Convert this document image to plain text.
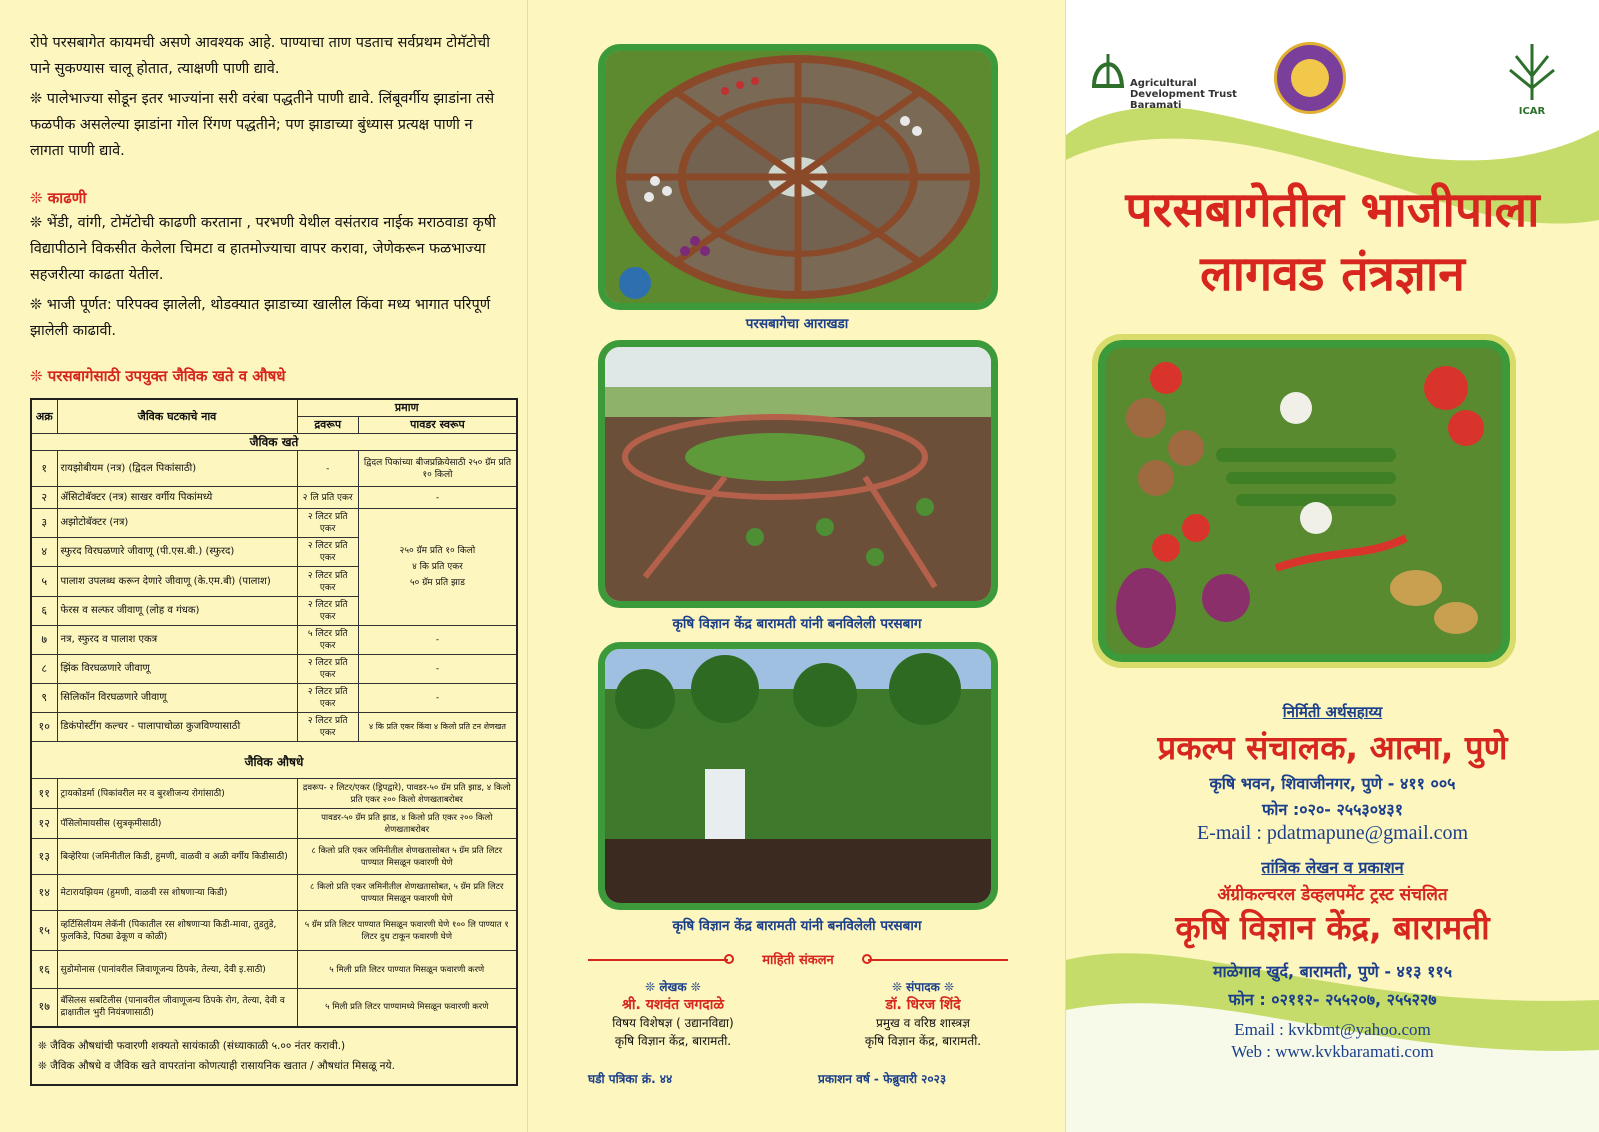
रोपे परसबागेत कायमची असणे आवश्यक आहे. पाण्याचा ताण पडताच सर्वप्रथम टोमॅटोची पाने सुकण्यास चालू होतात, त्याक्षणी पाणी द्यावे.

❊ पालेभाज्या सोडून इतर भाज्यांना सरी वरंबा पद्धतीने पाणी द्यावे. लिंबूवर्गीय झाडांना तसे फळपीक असलेल्या झाडांना गोल रिंगण पद्धतीने; पण झाडाच्या बुंध्यास प्रत्यक्ष पाणी न लागता पाणी द्यावे.

❊ काढणी

❊ भेंडी, वांगी, टोमॅटोची काढणी करताना , परभणी येथील वसंतराव नाईक मराठवाडा कृषी विद्यापीठाने विकसीत केलेला चिमटा व हातमोज्याचा वापर करावा, जेणेकरून फळभाज्या सहजरीत्या काढता येतील.

❊ भाजी पूर्णत: परिपक्व झालेली, थोडक्यात झाडाच्या खालील किंवा मध्य भागात परिपूर्ण झालेली काढावी.

❊ परसबागेसाठी उपयुक्त जैविक खते व औषधे

अक्र	जैविक घटकाचे नाव	प्रमाण	
		द्रवरूप	पावडर स्वरूप
जैविक खते			
१	रायझोबीयम (नत्र) (द्विदल पिकांसाठी)	-	द्विदल पिकांच्या बीजप्रक्रियेसाठी २५० ग्रॅम प्रति १० किलो
२	ॲसिटोबॅक्टर (नत्र) साखर वर्गीय पिकांमध्ये	२ लि प्रति एकर	-
३	अझोटोबॅक्टर (नत्र)	२ लिटर प्रति एकर	२५० ग्रॅम प्रति १० किलो
४ कि प्रति एकर
५० ग्रॅम प्रति झाड
४	स्फुरद विरघळणारे जीवाणू (पी.एस.बी.) (स्फुरद)	२ लिटर प्रति एकर	
५	पालाश उपलब्ध करून देणारे जीवाणू (के.एम.बी) (पालाश)	२ लिटर प्रति एकर	
६	फेरस व सल्फर जीवाणू (लोह व गंधक)	२ लिटर प्रति एकर	
७	नत्र, स्फुरद व पालाश एकत्र	५ लिटर प्रति एकर	-
८	झिंक विरघळणारे जीवाणू	२ लिटर प्रति एकर	-
९	सिलिकॉन विरघळणारे जीवाणू	२ लिटर प्रति एकर	-
१०	डिकंपोस्टींग कल्चर - पालापाचोळा कुजविण्यासाठी	२ लिटर प्रति एकर	४ कि प्रति एकर किंवा ४ किलो प्रति टन शेणखत
जैविक औषधे			
११	ट्रायकोडर्मा (पिकांवरील मर व बुरशीजन्य रोगांसाठी)	द्रवरूप- २ लिटर/एकर (ड्रिपद्वारे), पावडर-५० ग्रॅम प्रति झाड, ४ किलो प्रति एकर २०० किलो शेणखताबरोबर	
१२	पॅसिलोमायसीस (सुत्रकृमीसाठी)	पावडर-५० ग्रॅम प्रति झाड, ४ किलो प्रति एकर २०० किलो शेणखताबरोबर	
१३	बिव्हेरिया (जमिनीतील किडी, हुमणी, वाळवी व अळी वर्गीय किडीसाठी)	८ किलो प्रति एकर जमिनीतील शेणखतासोबत ५ ग्रॅम प्रति लिटर पाण्यात मिसळून फवारणी घेणे	
१४	मेटारायझियम (हुमणी, वाळवी रस शोषणाऱ्या किडी)	८ किलो प्रति एकर जमिनीतील शेणखतासोबत, ५ ग्रॅम प्रति लिटर पाण्यात मिसळून फवारणी घेणे	
१५	व्हर्टिसिलीयम लेकॅनी (पिकातील रस शोषणाऱ्या किडी-मावा, तुडतुडे, फुलकिडे, पिठ्या ढेकूण व कोळी)	५ ग्रॅम प्रति लिटर पाण्यात मिसळून फवारणी घेणे १०० लि पाण्यात १ लिटर दुध टाकून फवारणी घेणे	
१६	सुडोमोनास (पानांवरील जिवाणूजन्य ठिपके, तेल्या, देवी इ.साठी)	५ मिली प्रति लिटर पाण्यात मिसळून फवारणी करणे	
१७	बॅसिलस सबटिलीस (पानावरील जीवाणूजन्य ठिपके रोग, तेल्या, देवी व द्राक्षातील भुरी नियंत्रणासाठी)	५ मिली प्रति लिटर पाण्यामध्ये मिसळून फवारणी करणे	
❊ जैविक औषधांची फवारणी शक्यतो सायंकाळी (संध्याकाळी ५.०० नंतर करावी.)
❊ जैविक औषधे व जैविक खते वापरतांना कोणत्याही रासायनिक खतात / औषधांत मिसळू नये.
परसबागेचा आराखडा
कृषि विज्ञान केंद्र बारामती यांनी बनविलेली परसबाग
कृषि विज्ञान केंद्र बारामती यांनी बनविलेली परसबाग
माहिती संकलन
❊ लेखक ❊
श्री. यशवंत जगदाळे
विषय विशेषज्ञ ( उद्यानविद्या)
कृषि विज्ञान केंद्र, बारामती.
❊ संपादक ❊
डॉ. धिरज शिंदे
प्रमुख व वरिष्ठ शास्त्रज्ञ
कृषि विज्ञान केंद्र, बारामती.
घडी पत्रिका क्रं. ४४	प्रकाशन वर्ष - फेब्रुवारी २०२३
Agricultural
Development Trust
Baramati
ICAR
परसबागेतील भाजीपाला
लागवड तंत्रज्ञान
निर्मिती अर्थसहाय्य
प्रकल्प संचालक, आत्मा, पुणे
कृषि भवन, शिवाजीनगर, पुणे - ४११ ००५
फोन :०२०- २५५३०४३१
E-mail : pdatmapune@gmail.com
तांत्रिक लेखन व प्रकाशन
ॲग्रीकल्चरल डेव्हलपमेंट ट्रस्ट संचलित
कृषि विज्ञान केंद्र, बारामती
माळेगाव खुर्द, बारामती, पुणे - ४१३ ११५
फोन : ०२११२- २५५२०७, २५५२२७
Email : kvkbmt@yahoo.com
Web : www.kvkbaramati.com
